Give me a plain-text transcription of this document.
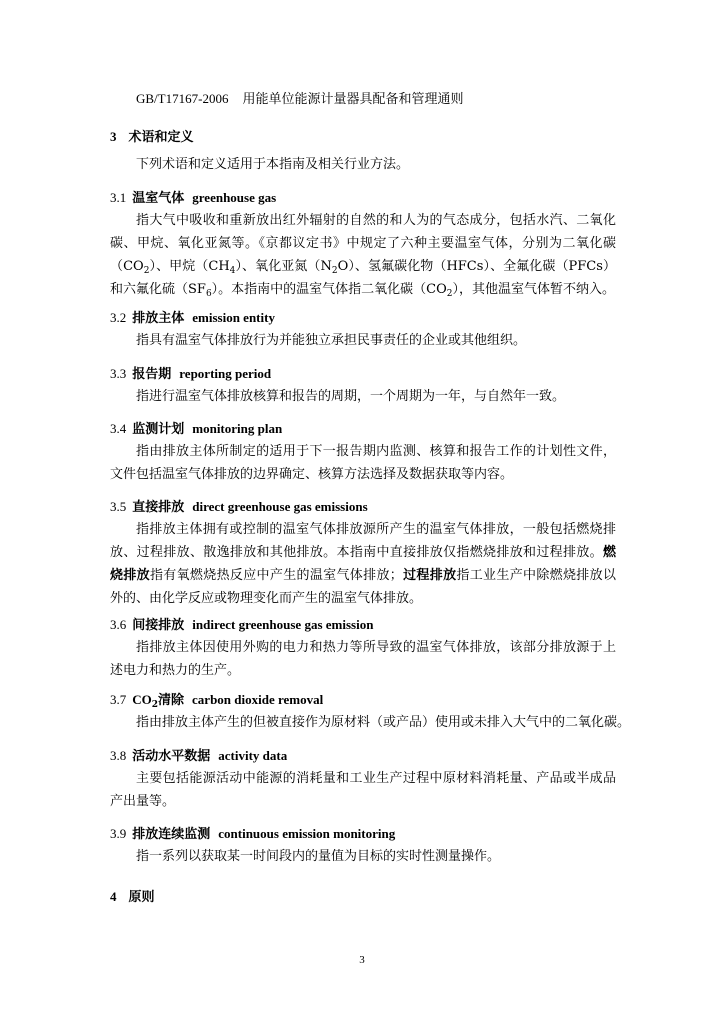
GB/T17167-2006 用能单位能源计量器具配备和管理通则
3 术语和定义
下列术语和定义适用于本指南及相关行业方法。
3.1 温室气体 greenhouse gas
指大气中吸收和重新放出红外辐射的自然的和人为的气态成分，包括水汽、二氧化碳、甲烷、氧化亚氮等。《京都议定书》中规定了六种主要温室气体，分别为二氧化碳$(CO_2)$、甲烷$(CH_4)$、氧化亚氮$(N_2O)$、氢氟碳化物（HFCs）、全氟化碳（PFCs）和六氟化硫$(SF_6)$。本指南中的温室气体指二氧化碳$(CO_2)$，其他温室气体暂不纳入。
3.2 排放主体 emission entity
指具有温室气体排放行为并能独立承担民事责任的企业或其他组织。
3.3 报告期 reporting period
指进行温室气体排放核算和报告的周期，一个周期为一年，与自然年一致。
3.4 监测计划 monitoring plan
指由排放主体所制定的适用于下一报告期内监测、核算和报告工作的计划性文件，文件包括温室气体排放的边界确定、核算方法选择及数据获取等内容。
3.5 直接排放 direct greenhouse gas emissions
指排放主体拥有或控制的温室气体排放源所产生的温室气体排放，一般包括燃烧排放、过程排放、散逸排放和其他排放。本指南中直接排放仅指燃烧排放和过程排放。燃烧排放指有氧燃烧热反应中产生的温室气体排放；过程排放指工业生产中除燃烧排放以外的、由化学反应或物理变化而产生的温室气体排放。
3.6 间接排放 indirect greenhouse gas emission
指排放主体因使用外购的电力和热力等所导致的温室气体排放，该部分排放源于上述电力和热力的生产。
3.7 $CO_2$清除 carbon dioxide removal
指由排放主体产生的但被直接作为原材料（或产品）使用或未排入大气中的二氧化碳。
3.8 活动水平数据 activity data
主要包括能源活动中能源的消耗量和工业生产过程中原材料消耗量、产品或半成品产出量等。
3.9 排放连续监测 continuous emission monitoring
指一系列以获取某一时间段内的量值为目标的实时性测量操作。
4 原则
3
